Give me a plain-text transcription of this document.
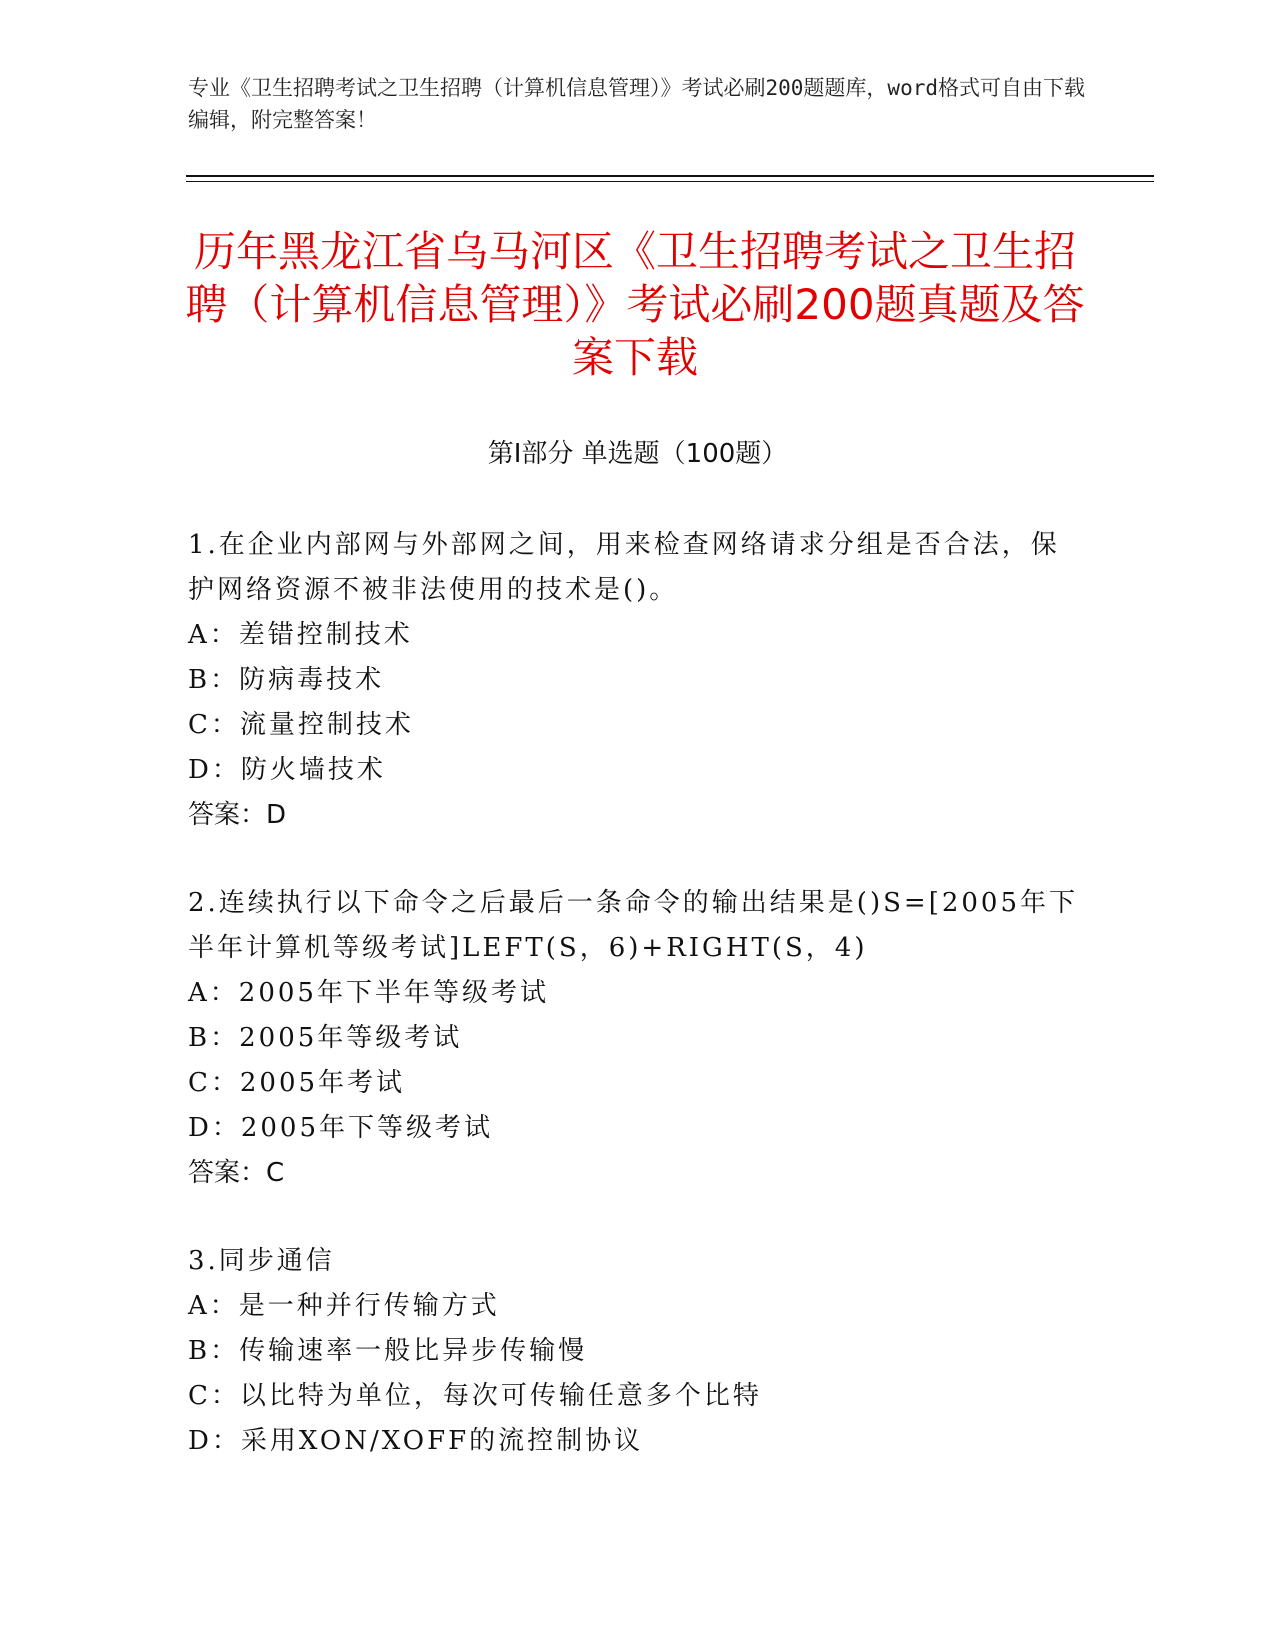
专业《卫生招聘考试之卫生招聘（计算机信息管理）》考试必刷200题题库，word格式可自由下载编辑，附完整答案！
历年黑龙江省乌马河区《卫生招聘考试之卫生招聘（计算机信息管理）》考试必刷200题真题及答案下载
第Ⅰ部分 单选题（100题）

1.在企业内部网与外部网之间，用来检查网络请求分组是否合法，保护网络资源不被非法使用的技术是()。

A：差错控制技术

B：防病毒技术

C：流量控制技术

D：防火墙技术

答案：D

2.连续执行以下命令之后最后一条命令的输出结果是()S=[2005年下半年计算机等级考试]LEFT(S，6)+RIGHT(S，4)

A：2005年下半年等级考试

B：2005年等级考试

C：2005年考试

D：2005年下等级考试

答案：C

3.同步通信

A：是一种并行传输方式

B：传输速率一般比异步传输慢

C：以比特为单位，每次可传输任意多个比特

D：采用XON/XOFF的流控制协议
